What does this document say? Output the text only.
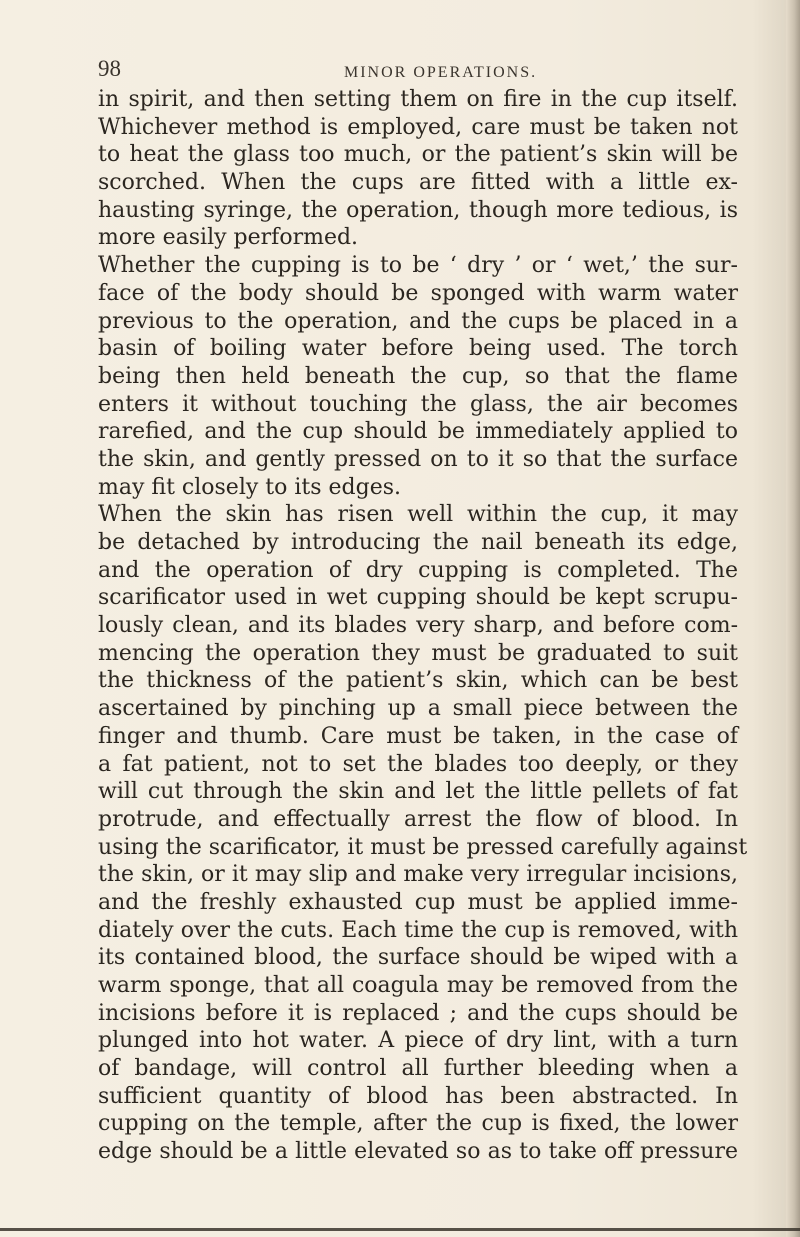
98	MINOR OPERATIONS.
in spirit, and then setting them on fire in the cup itself.
Whichever method is employed, care must be taken not
to heat the glass too much, or the patient’s skin will be
scorched. When the cups are fitted with a little ex-
hausting syringe, the operation, though more tedious, is
more easily performed.
Whether the cupping is to be ‘ dry ’ or ‘ wet,’ the sur-
face of the body should be sponged with warm water
previous to the operation, and the cups be placed in a
basin of boiling water before being used. The torch
being then held beneath the cup, so that the flame
enters it without touching the glass, the air becomes
rarefied, and the cup should be immediately applied to
the skin, and gently pressed on to it so that the surface
may fit closely to its edges.
When the skin has risen well within the cup, it may
be detached by introducing the nail beneath its edge,
and the operation of dry cupping is completed. The
scarificator used in wet cupping should be kept scrupu-
lously clean, and its blades very sharp, and before com-
mencing the operation they must be graduated to suit
the thickness of the patient’s skin, which can be best
ascertained by pinching up a small piece between the
finger and thumb. Care must be taken, in the case of
a fat patient, not to set the blades too deeply, or they
will cut through the skin and let the little pellets of fat
protrude, and effectually arrest the flow of blood. In
using the scarificator, it must be pressed carefully against
the skin, or it may slip and make very irregular incisions,
and the freshly exhausted cup must be applied imme-
diately over the cuts. Each time the cup is removed, with
its contained blood, the surface should be wiped with a
warm sponge, that all coagula may be removed from the
incisions before it is replaced ; and the cups should be
plunged into hot water. A piece of dry lint, with a turn
of bandage, will control all further bleeding when a
sufficient quantity of blood has been abstracted. In
cupping on the temple, after the cup is fixed, the lower
edge should be a little elevated so as to take off pressure
